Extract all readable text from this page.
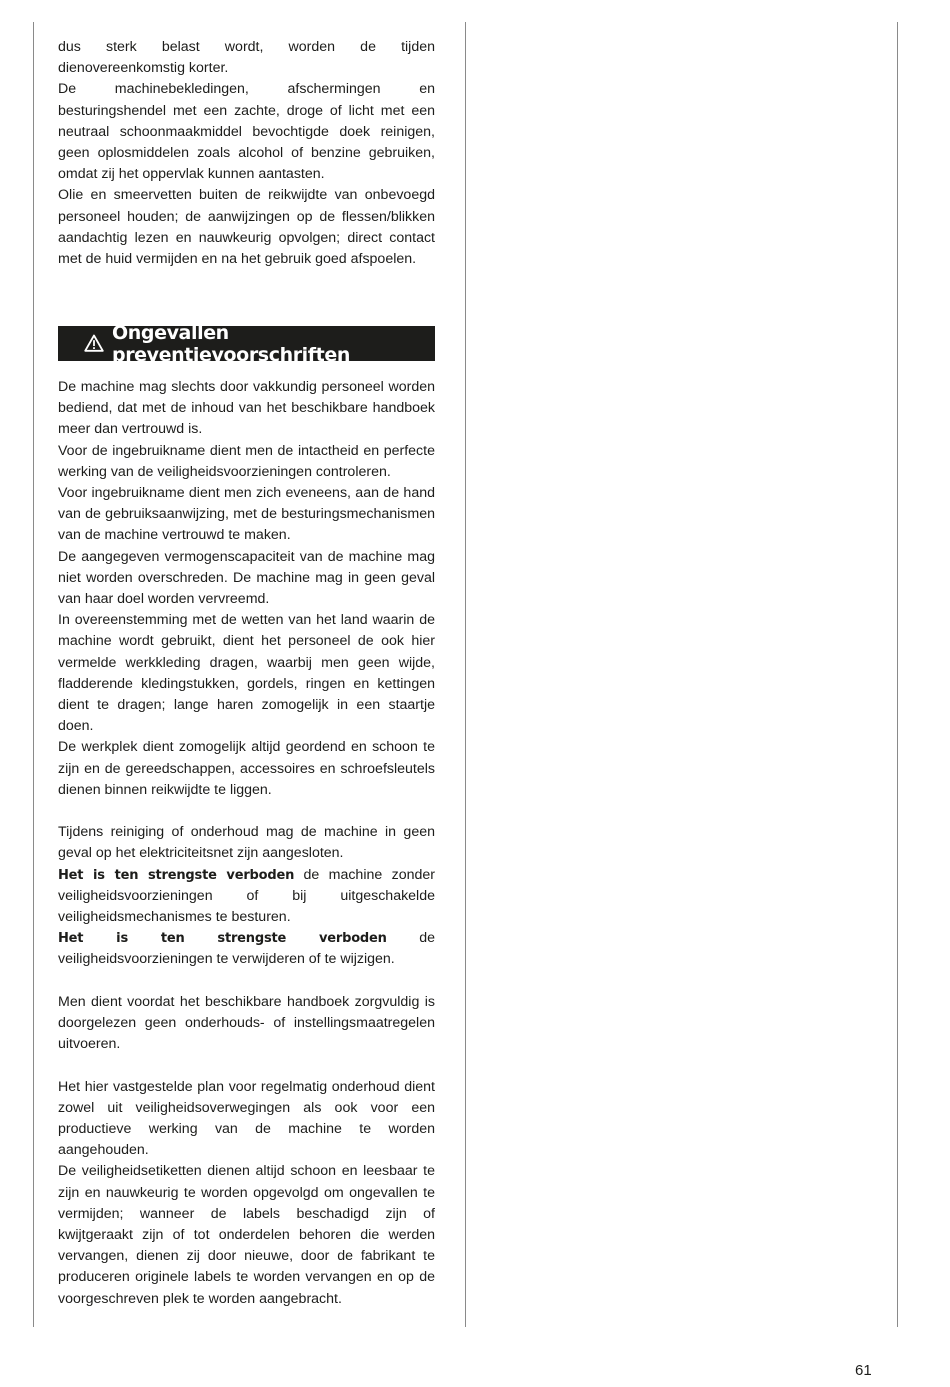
dus sterk belast wordt, worden de tijden dienovereenkomstig korter.

De machinebekledingen, afschermingen en besturingshendel met een zachte, droge of licht met een neutraal schoonmaakmiddel bevochtigde doek reinigen, geen oplosmiddelen zoals alcohol of benzine gebruiken, omdat zij het oppervlak kunnen aantasten.

Olie en smeervetten buiten de reikwijdte van onbevoegd personeel houden; de aanwijzingen op de flessen/blikken aandachtig lezen en nauwkeurig opvolgen; direct contact met de huid vermijden en na het gebruik goed afspoelen.

Ongevallen preventievoorschriften

De machine mag slechts door vakkundig personeel worden bediend, dat met de inhoud van het beschikbare handboek meer dan vertrouwd is.

Voor de ingebruikname dient men de intactheid en perfecte werking van de veiligheidsvoorzieningen controleren.

Voor ingebruikname dient men zich eveneens, aan de hand van de gebruiksaanwijzing, met de besturingsmechanismen van de machine vertrouwd te maken.

De aangegeven vermogenscapaciteit van de machine mag niet worden overschreden. De machine mag in geen geval van haar doel worden vervreemd.

In overeenstemming met de wetten van het land waarin de machine wordt gebruikt, dient het personeel de ook hier vermelde werkkleding dragen, waarbij men geen wijde, fladderende kledingstukken, gordels, ringen en kettingen dient te dragen; lange haren zomogelijk in een staartje doen.

De werkplek dient zomogelijk altijd geordend en schoon te zijn en de gereedschappen, accessoires en schroefsleutels dienen binnen reikwijdte te liggen.

Tijdens reiniging of onderhoud mag de machine in geen geval op het elektriciteitsnet zijn aangesloten.

Het is ten strengste verboden de machine zonder veiligheidsvoorzieningen of bij uitgeschakelde veiligheidsmechanismes te besturen.

Het is ten strengste verboden de veiligheidsvoorzieningen te verwijderen of te wijzigen.

Men dient voordat het beschikbare handboek zorgvuldig is doorgelezen geen onderhouds- of instellingsmaatregelen uitvoeren.

Het hier vastgestelde plan voor regelmatig onderhoud dient zowel uit veiligheidsoverwegingen als ook voor een productieve werking van de machine te worden aangehouden.

De veiligheidsetiketten dienen altijd schoon en leesbaar te zijn en nauwkeurig te worden opgevolgd om ongevallen te vermijden; wanneer de labels beschadigd zijn of kwijtgeraakt zijn of tot onderdelen behoren die werden vervangen, dienen zij door nieuwe, door de fabrikant te produceren originele labels te worden vervangen en op de voorgeschreven plek te worden aangebracht.

61
